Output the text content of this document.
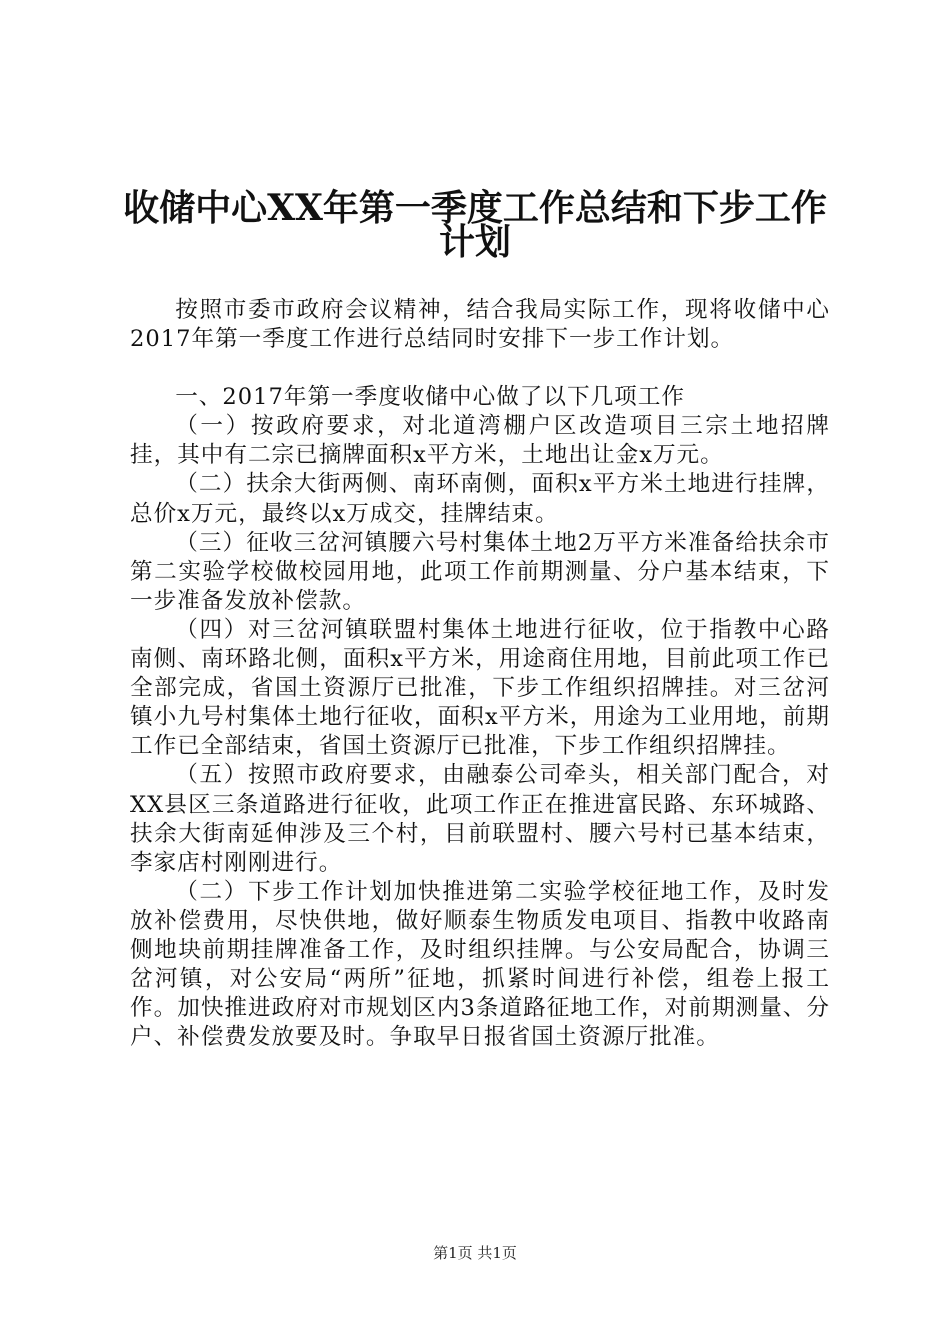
收储中心XX年第一季度工作总结和下步工作
计划

按照市委市政府会议精神，结合我局实际工作，现将收储中心2017年第一季度工作进行总结同时安排下一步工作计划。

一、2017年第一季度收储中心做了以下几项工作

（一）按政府要求，对北道湾棚户区改造项目三宗土地招牌挂，其中有二宗已摘牌面积x平方米，土地出让金x万元。

（二）扶余大街两侧、南环南侧，面积x平方米土地进行挂牌，总价x万元，最终以x万成交，挂牌结束。

（三）征收三岔河镇腰六号村集体土地2万平方米准备给扶余市第二实验学校做校园用地，此项工作前期测量、分户基本结束，下一步准备发放补偿款。

（四）对三岔河镇联盟村集体土地进行征收，位于指教中心路南侧、南环路北侧，面积x平方米，用途商住用地，目前此项工作已全部完成，省国土资源厅已批准，下步工作组织招牌挂。对三岔河镇小九号村集体土地行征收，面积x平方米，用途为工业用地，前期工作已全部结束，省国土资源厅已批准，下步工作组织招牌挂。

（五）按照市政府要求，由融泰公司牵头，相关部门配合，对XX县区三条道路进行征收，此项工作正在推进富民路、东环城路、扶余大街南延伸涉及三个村，目前联盟村、腰六号村已基本结束，李家店村刚刚进行。

（二）下步工作计划加快推进第二实验学校征地工作，及时发放补偿费用，尽快供地，做好顺泰生物质发电项目、指教中收路南侧地块前期挂牌准备工作，及时组织挂牌。与公安局配合，协调三岔河镇，对公安局“两所”征地，抓紧时间进行补偿，组卷上报工作。加快推进政府对市规划区内3条道路征地工作，对前期测量、分户、补偿费发放要及时。争取早日报省国土资源厅批准。

第1页 共1页
